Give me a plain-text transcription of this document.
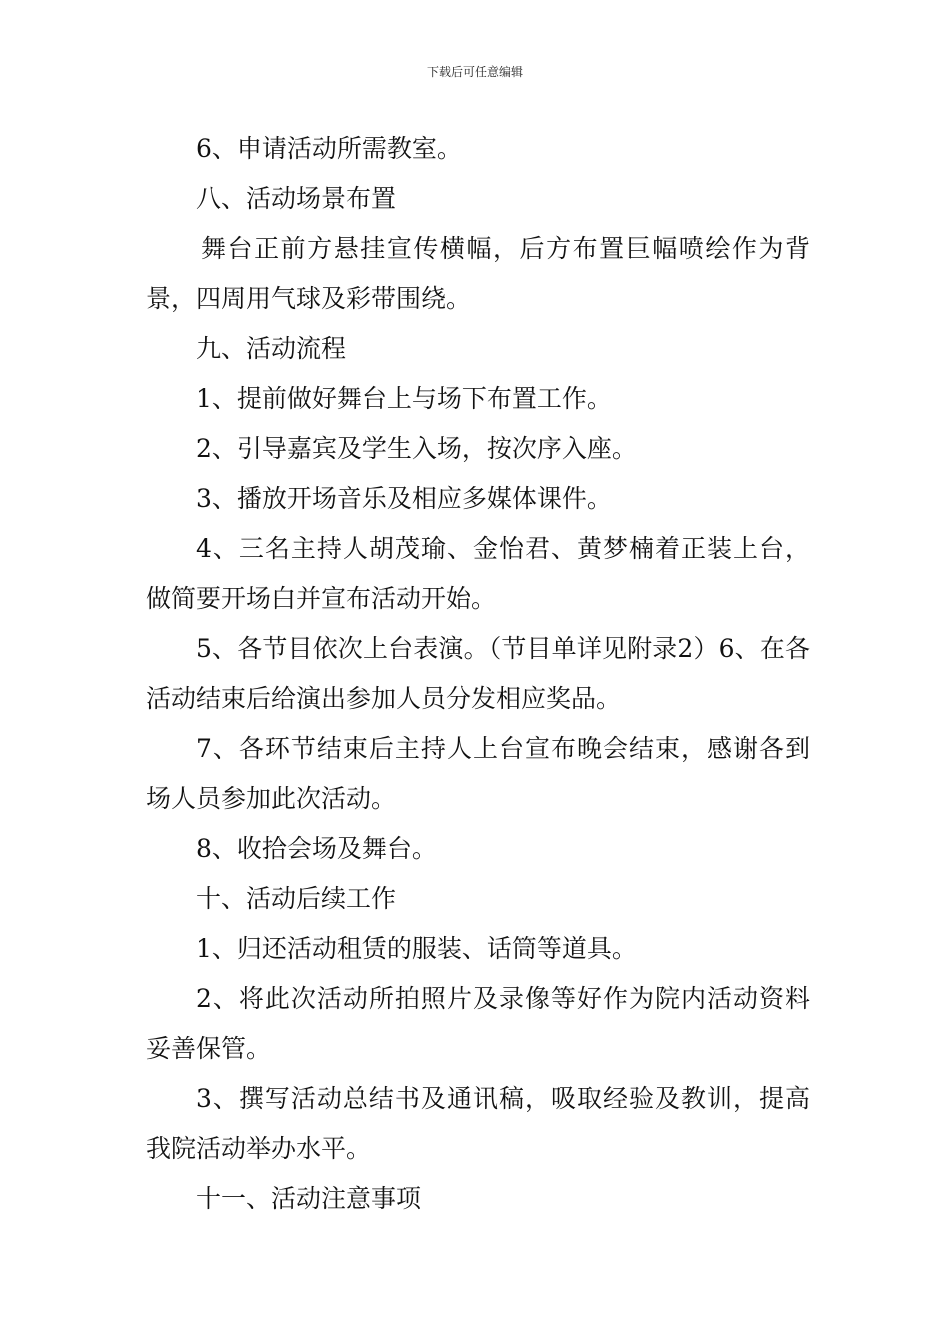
下载后可任意编辑

6、申请活动所需教室。

八、活动场景布置

舞台正前方悬挂宣传横幅，后方布置巨幅喷绘作为背景，四周用气球及彩带围绕。

九、活动流程

1、提前做好舞台上与场下布置工作。

2、引导嘉宾及学生入场，按次序入座。

3、播放开场音乐及相应多媒体课件。

4、三名主持人胡茂瑜、金怡君、黄梦楠着正装上台，做简要开场白并宣布活动开始。

5、各节目依次上台表演。（节目单详见附录2）6、在各活动结束后给演出参加人员分发相应奖品。

7、各环节结束后主持人上台宣布晚会结束，感谢各到场人员参加此次活动。

8、收拾会场及舞台。

十、活动后续工作

1、归还活动租赁的服装、话筒等道具。

2、将此次活动所拍照片及录像等好作为院内活动资料妥善保管。

3、撰写活动总结书及通讯稿，吸取经验及教训，提高我院活动举办水平。

十一、活动注意事项
